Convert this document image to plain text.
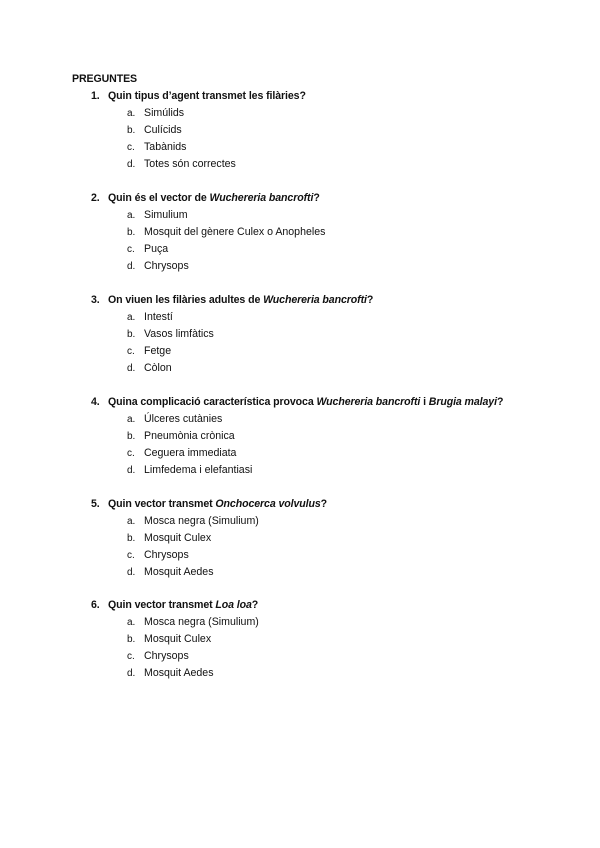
PREGUNTES
1. Quin tipus d’agent transmet les filàries?
a. Simúlids
b. Culícids
c. Tabànids
d. Totes són correctes
2. Quin és el vector de Wuchereria bancrofti?
a. Simulium
b. Mosquit del gènere Culex o Anopheles
c. Puça
d. Chrysops
3. On viuen les filàries adultes de Wuchereria bancrofti?
a. Intestí
b. Vasos limfàtics
c. Fetge
d. Còlon
4. Quina complicació característica provoca Wuchereria bancrofti i Brugia malayi?
a. Úlceres cutànies
b. Pneumònia crònica
c. Ceguera immediata
d. Limfedema i elefantiasi
5. Quin vector transmet Onchocerca volvulus?
a. Mosca negra (Simulium)
b. Mosquit Culex
c. Chrysops
d. Mosquit Aedes
6. Quin vector transmet Loa loa?
a. Mosca negra (Simulium)
b. Mosquit Culex
c. Chrysops
d. Mosquit Aedes
